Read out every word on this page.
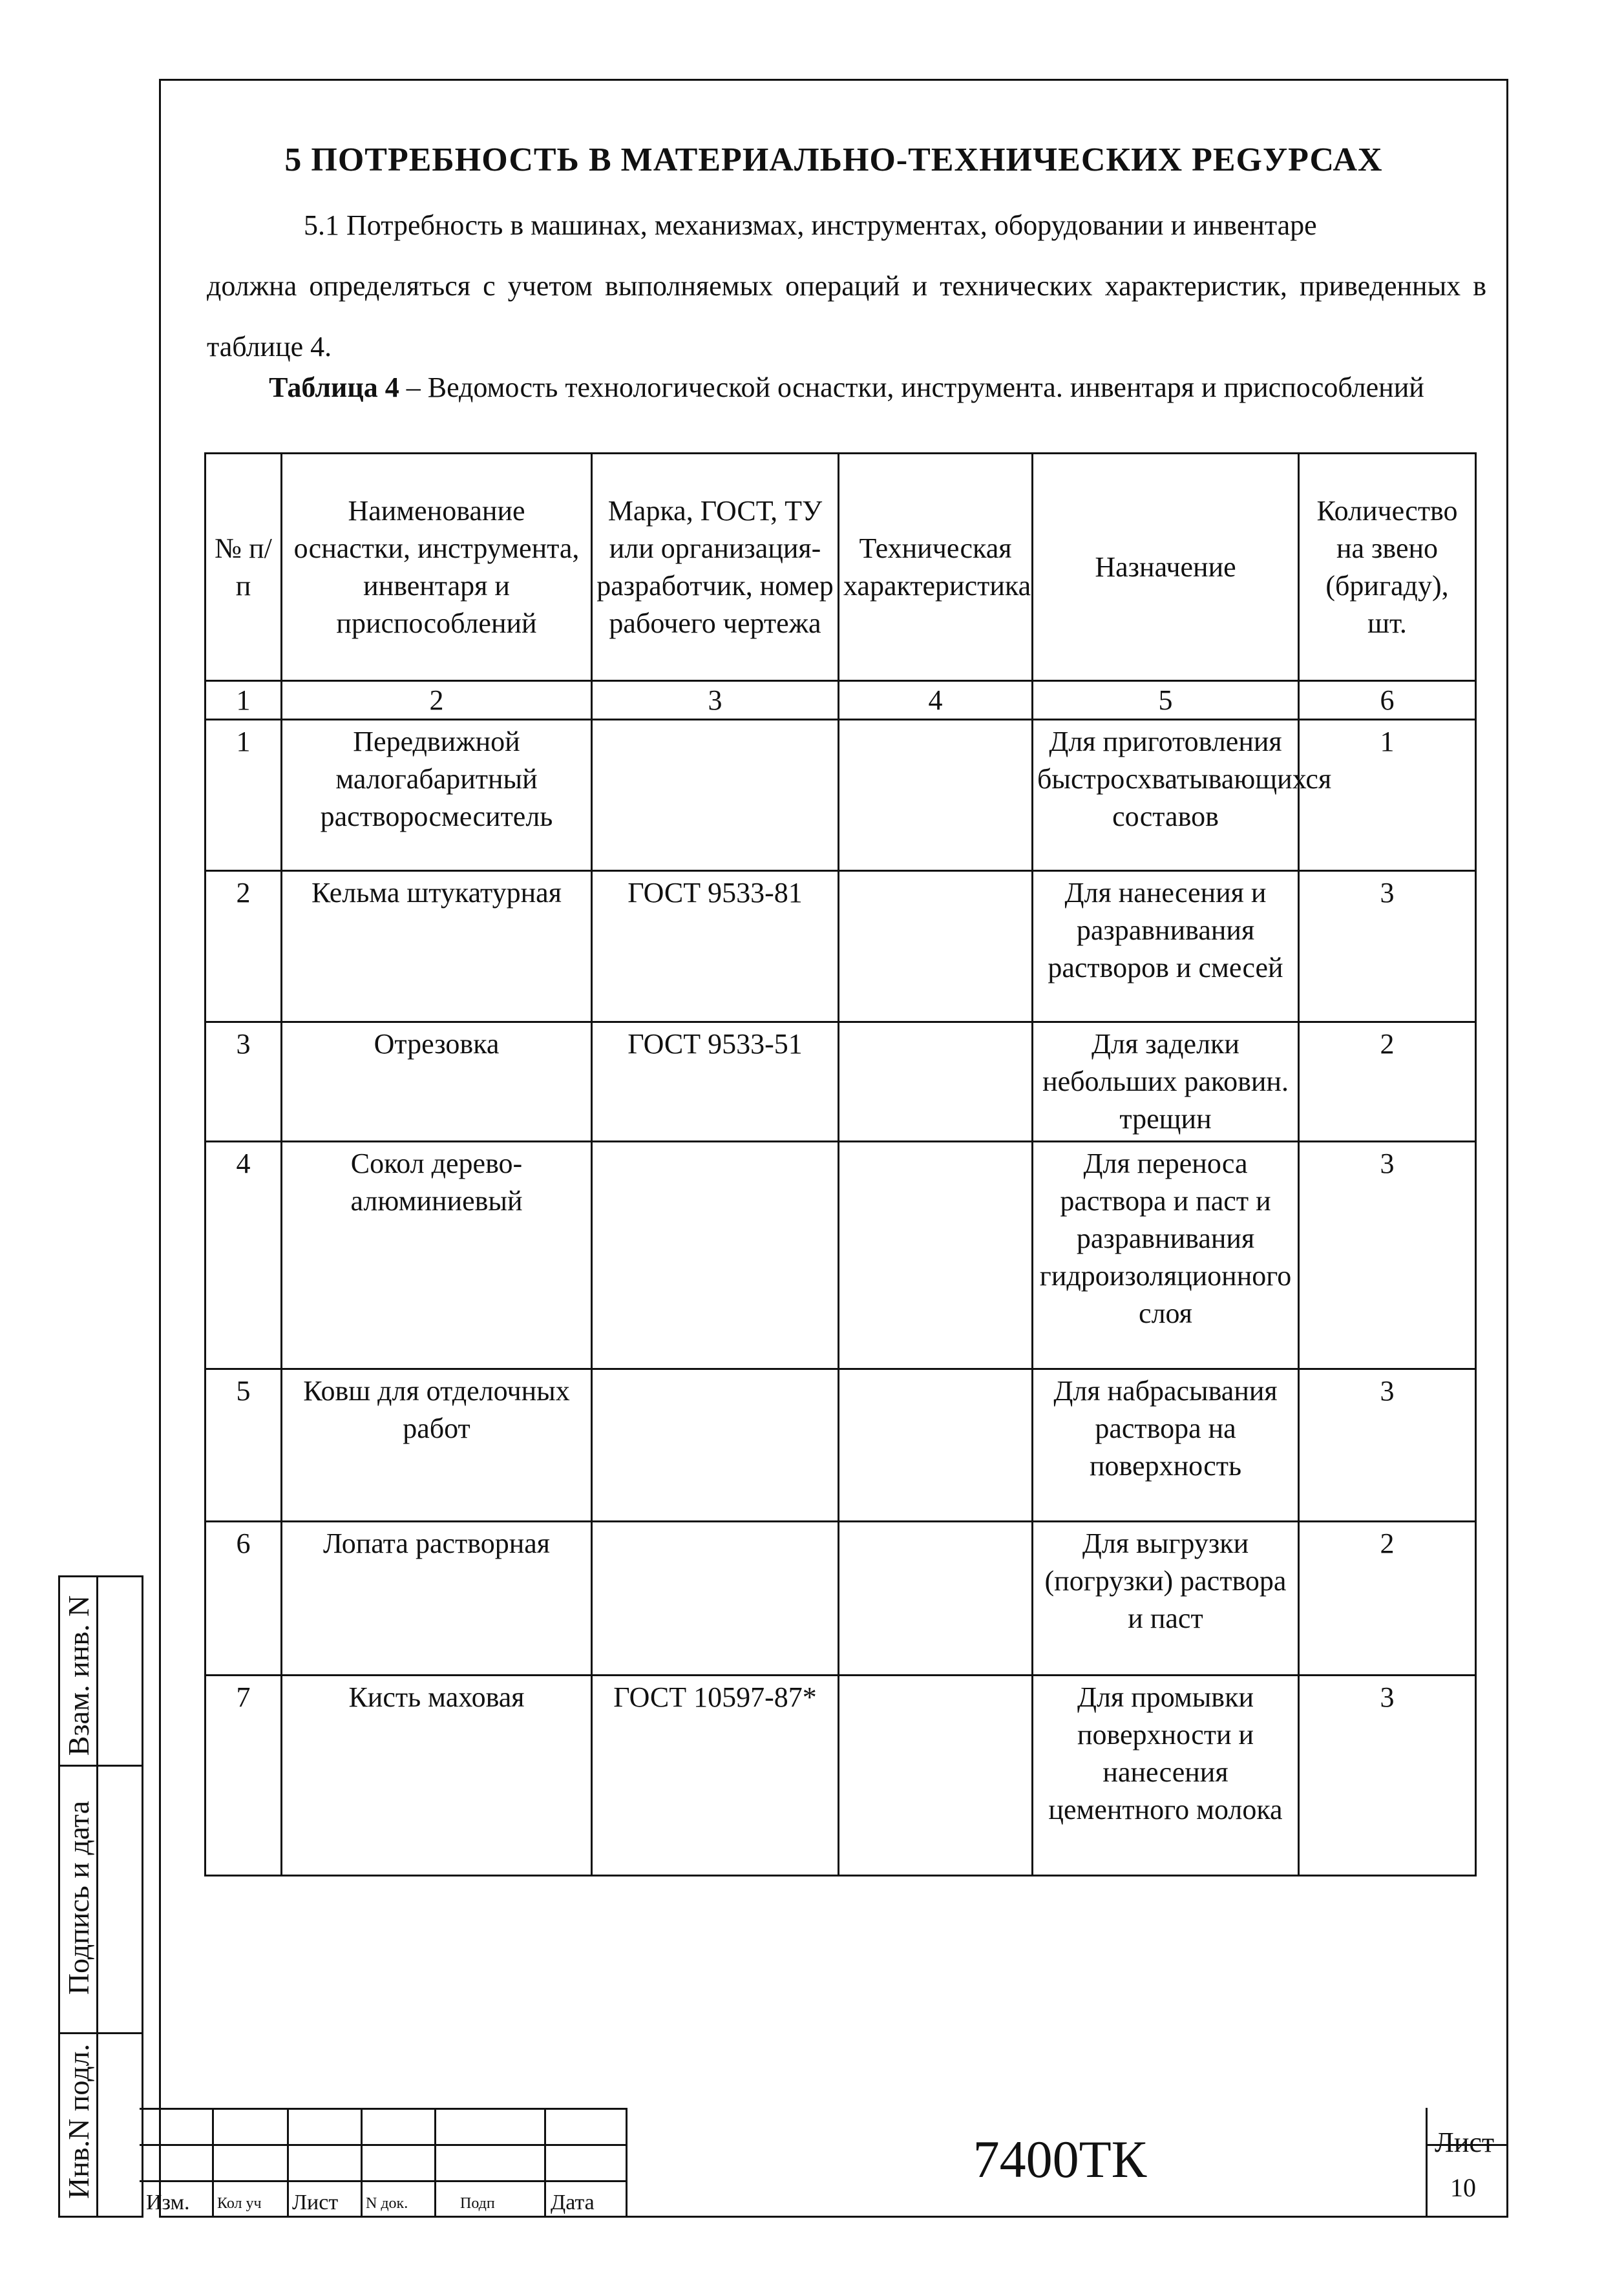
5 ПОТРЕБНОСТЬ В МАТЕРИАЛЬНО-ТЕХНИЧЕСКИХ РЕGУРСАХ
5.1 Потребность в машинах, механизмах, инструментах, оборудовании и инвентаре
должна определяться с учетом выполняемых операций и технических характеристик, приведенных в таблице 4.
Таблица 4 – Ведомость технологической оснастки, инструмента. инвентаря и приспособлений
№ п/п	Наименование оснастки, инструмента, инвентаря и приспособлений	Марка, ГОСТ, ТУ или организация-разработчик, номер рабочего чертежа	Техническая характеристика	Назначение	Количество на звено (бригаду), шт.
1	2	3	4	5	6
1	Передвижной малогабаритный растворосмеситель			Для приготовления быстросхватывающихся составов	1
2	Кельма штукатурная	ГОСТ 9533-81		Для нанесения и разравнивания растворов и смесей	3
3	Отрезовка	ГОСТ 9533-51		Для заделки небольших раковин. трещин	2
4	Сокол дерево-алюминиевый			Для переноса раствора и паст и разравнивания гидроизоляционного слоя	3
5	Ковш для отделочных работ			Для набрасывания раствора на поверхность	3
6	Лопата растворная			Для выгрузки (погрузки) раствора и паст	2
7	Кисть маховая	ГОСТ 10597-87*		Для промывки поверхности и нанесения цементного молока	3
Взам. инв. N
Подпись и дата
Инв.N подл.
Изм. Кол уч Лист N док.	Подп	Дата
7400ТК	Лист
10
